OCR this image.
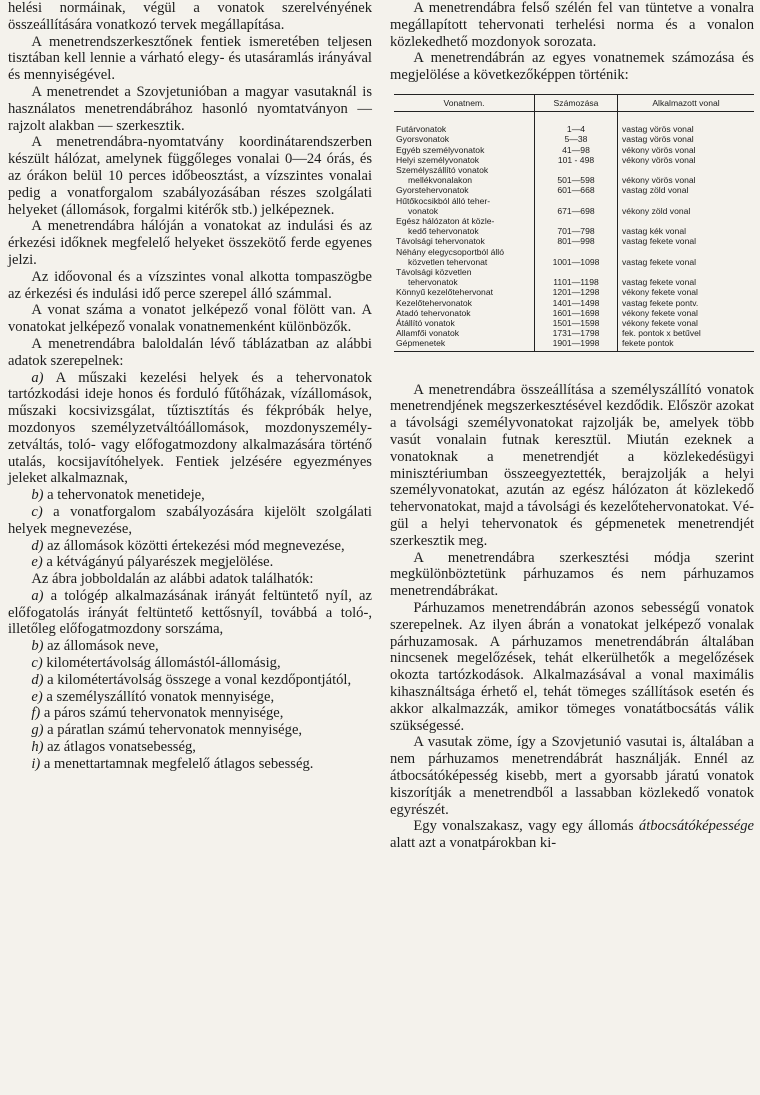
helési normáinak, végül a vonatok szerelvényének összeállítására vonatkozó tervek megállapítása.

A menetrendszerkesztőnek fentiek ismeretében teljesen tisztában kell lennie a várható elegy- és utasáramlás irányával és mennyiségével.

A menetrendet a Szovjetunióban a magyar vasutaknál is használatos menetrendábrához hasonló nyomtatványon — rajzolt alakban — szerkesztik.

A menetrendábra-nyomtatvány koordinátarendszerben készült hálózat, amelynek függőleges vonalai 0—24 órás, és az órákon belül 10 perces időbeosztást, a vízszintes vonalai pedig a vonatforgalom szabályozásában részes szolgálati helyeket (állomások, forgalmi kitérők stb.) jelképeznek.

A menetrendábra hálóján a vonatokat az indulási és az érkezési időknek megfelelő helyeket összekötő ferde egyenes jelzi.

Az időovonal és a vízszintes vonal alkotta tompaszögbe az érkezési és indulási idő perce szerepel álló számmal.

A vonat száma a vonatot jelképező vonal fölött van. A vonatokat jelképező vonalak vonatnemenként különbözők.

A menetrendábra baloldalán lévő táblázatban az alábbi adatok szerepelnek:

a) A műszaki kezelési helyek és a tehervonatok tartózkodási ideje honos és forduló fűtőházak, vízállomások, műszaki kocsivizsgálat, tűztisztítás és fékpróbák helye, mozdonyos személyzetváltóállomások, mozdonyszemélyzetváltás, toló- vagy előfogatmozdony alkalmazására történő utalás, kocsijavítóhelyek. Fentiek jelzésére egyezményes jeleket alkalmaznak,

b) a tehervonatok menetideje,

c) a vonatforgalom szabályozására kijelölt szolgálati helyek megnevezése,

d) az állomások közötti értekezési mód megnevezése,

e) a kétvágányú pályarészek megjelölése.

Az ábra jobboldalán az alábbi adatok találhatók:

a) a tológép alkalmazásának irányát feltüntető nyíl, az előfogatolás irányát feltüntető kettősnyíl, továbbá a toló-, illetőleg előfogatmozdony sorszáma,

b) az állomások neve,

c) kilométertávolság állomástól-állomásig,

d) a kilométertávolság összege a vonal kezdőpontjától,

e) a személyszállító vonatok mennyisége,

f) a páros számú tehervonatok mennyisége,

g) a páratlan számú tehervonatok mennyisége,

h) az átlagos vonatsebesség,

i) a menettartamnak megfelelő átlagos sebesség.

A menetrendábra felső szélén fel van tüntetve a vonalra megállapított tehervonati terhelési norma és a vonalon közlekedhető mozdonyok sorozata.

A menetrendábrán az egyes vonatnemek számozása és megjelölése a következőképpen történik:

Vonatnem.	Számozása	Alkalmazott vonal

Futárvonatok	1—4	vastag vörös vonal

Gyorsvonatok	5—38	vastag vörös vonal

Egyéb személyvonatok	41—98	vékony vörös vonal

Helyi személyvonatok	101 - 498	vékony vörös vonal

Személyszállító vonatok
mellékvonalakon	501—598	vékony vörös vonal

Gyorstehervonatok	601—668	vastag zöld vonal

Hűtőkocsikból álló teher-
vonatok	671—698	vékony zöld vonal

Egész hálózaton át közle-
kedő tehervonatok	701—798	vastag kék vonal

Távolsági tehervonatok	801—998	vastag fekete vonal

Néhány elegycsoportból álló
közvetlen tehervonat	1001—1098	vastag fekete vonal

Távolsági közvetlen
tehervonatok	1101—1198	vastag fekete vonal

Könnyű kezelőtehervonat	1201—1298	vékony fekete vonal

Kezelőtehervonatok	1401—1498	vastag fekete pontv.

Atadó tehervonatok	1601—1698	vékony fekete vonal

Átállító vonatok	1501—1598	vékony fekete vonal

Allamfői vonatok	1731—1798	fek. pontok x betűvel

Gépmenetek	1901—1998	fekete pontok

A menetrendábra összeállítása a személyszállító vonatok menetrendjének megszerkesztésével kezdődik. Először azokat a távolsági személyvonatokat rajzolják be, amelyek több vasút vonalain futnak keresztül. Miután ezeknek a vonatoknak a menetrendjét a közlekedésügyi minisztériumban összeegyeztették, berajzolják a helyi személyvonatokat, azután az egész hálózaton át közlekedő tehervonatokat, majd a távolsági és kezelőtehervonatokat. Végül a helyi tehervonatok és gépmenetek menetrendjét szerkesztik meg.

A menetrendábra szerkesztési módja szerint megkülönböztetünk párhuzamos és nem párhuzamos menetrendábrákat.

Párhuzamos menetrendábrán azonos sebességű vonatok szerepelnek. Az ilyen ábrán a vonatokat jelképező vonalak párhuzamosak. A párhuzamos menetrendábrán általában nincsenek megelőzések, tehát elkerülhetők a megelőzések okozta tartózkodások. Alkalmazásával a vonal maximális kihasználtsága érhető el, tehát tömeges szállítások esetén és akkor alkalmazzák, amikor tömeges vonatátbocsátás válik szükségessé.

A vasutak zöme, így a Szovjetunió vasutai is, általában a nem párhuzamos menetrendábrát használják. Ennél az átbocsátóképesség kisebb, mert a gyorsabb járatú vonatok kiszorítják a menetrendből a lassabban közlekedő vonatok egyrészét.

Egy vonalszakasz, vagy egy állomás átbocsátóképessége alatt azt a vonatpárokban ki-
